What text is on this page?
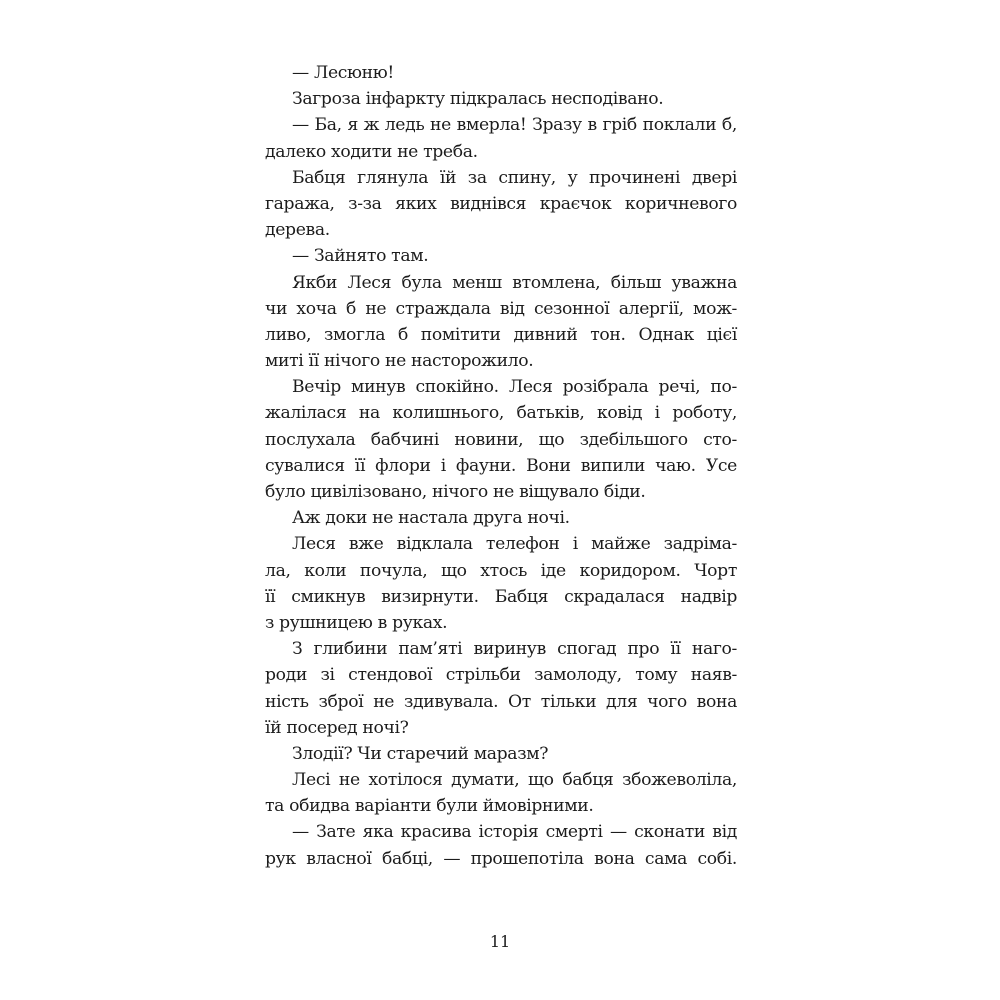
— Лесюню!
Загроза інфаркту підкралась несподівано.
— Ба, я ж ледь не вмерла! Зразу в гріб поклали б,
далеко ходити не треба.
Бабця глянула їй за спину, у прочинені двері
гаража, з-за яких виднівся краєчок коричневого
дерева.
— Зайнято там.
Якби Леся була менш втомлена, більш уважна
чи хоча б не страждала від сезонної алергії, мож-
ливо, змогла б помітити дивний тон. Однак цієї
миті її нічого не насторожило.
Вечір минув спокійно. Леся розібрала речі, по-
жалілася на колишнього, батьків, ковід і роботу,
послухала бабчині новини, що здебільшого сто-
сувалися її флори і фауни. Вони випили чаю. Усе
було цивілізовано, нічого не віщувало біди.
Аж доки не настала друга ночі.
Леся вже відклала телефон і майже задріма-
ла, коли почула, що хтось іде коридором. Чорт
її смикнув визирнути. Бабця скрадалася надвір
з рушницею в руках.
З глибини пам’яті виринув спогад про її наго-
роди зі стендової стрільби замолоду, тому наяв-
ність зброї не здивувала. От тільки для чого вона
їй посеред ночі?
Злодії? Чи старечий маразм?
Лесі не хотілося думати, що бабця збожеволіла,
та обидва варіанти були ймовірними.
— Зате яка красива історія смерті — сконати від
рук власної бабці, — прошепотіла вона сама собі.
11
